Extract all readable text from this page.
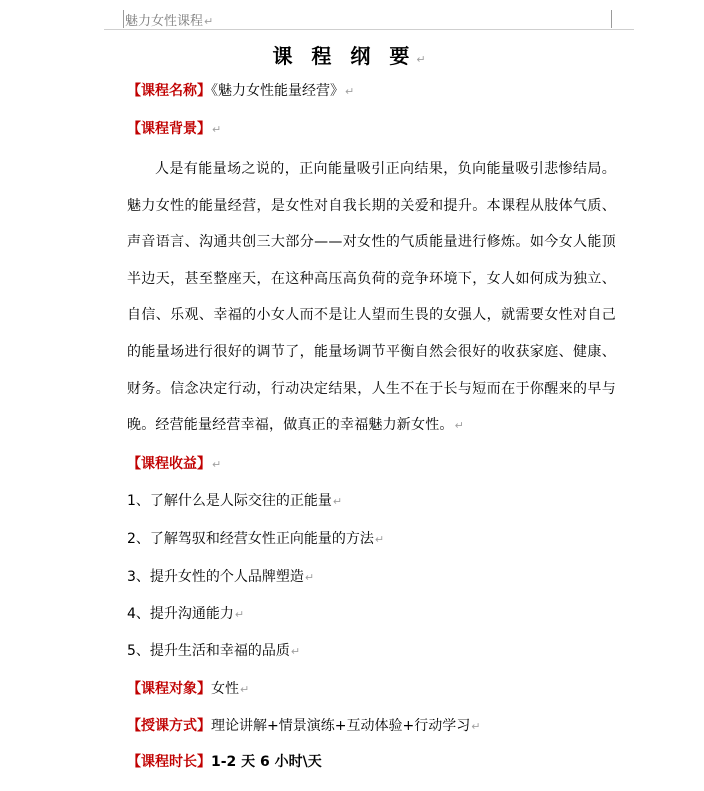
魅力女性课程↵
课 程 纲 要↵
【课程名称】《魅力女性能量经营》↵
【课程背景】↵
人是有能量场之说的，正向能量吸引正向结果，负向能量吸引悲惨结局。魅力女性的能量经营，是女性对自我长期的关爱和提升。本课程从肢体气质、声音语言、沟通共创三大部分——对女性的气质能量进行修炼。如今女人能顶半边天，甚至整座天，在这种高压高负荷的竞争环境下，女人如何成为独立、自信、乐观、幸福的小女人而不是让人望而生畏的女强人，就需要女性对自己的能量场进行很好的调节了，能量场调节平衡自然会很好的收获家庭、健康、财务。信念决定行动，行动决定结果，人生不在于长与短而在于你醒来的早与晚。经营能量经营幸福，做真正的幸福魅力新女性。↵
【课程收益】↵
1、了解什么是人际交往的正能量↵
2、了解驾驭和经营女性正向能量的方法↵
3、提升女性的个人品牌塑造↵
4、提升沟通能力↵
5、提升生活和幸福的品质↵
【课程对象】女性↵
【授课方式】理论讲解+情景演练+互动体验+行动学习↵
【课程时长】1-2 天 6 小时\天
